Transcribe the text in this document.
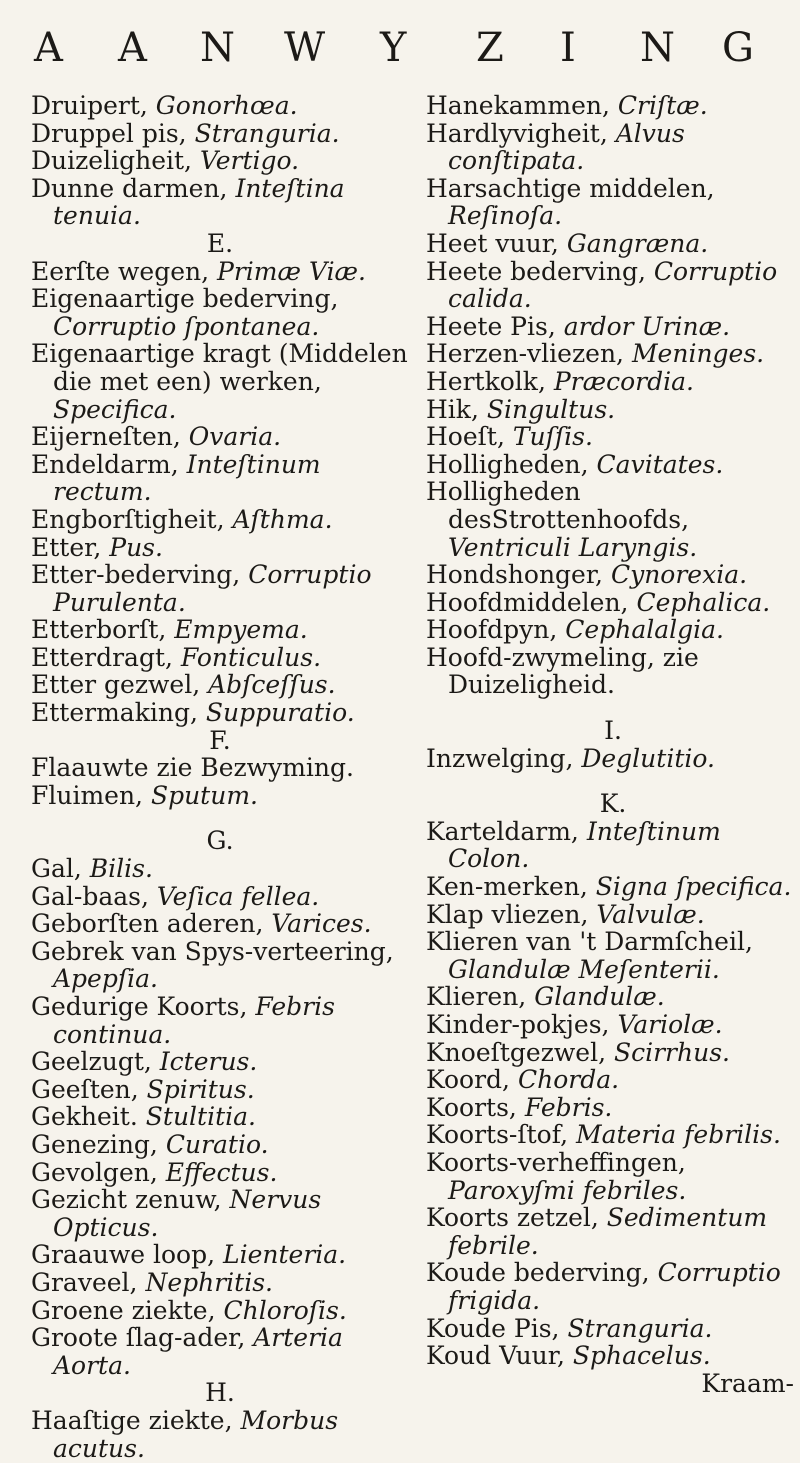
A A N W Y Z I N G

Druipert, Gonorhœa.

Druppel pis, Stranguria.

Duizeligheit, Vertigo.

Dunne darmen, Inteſtina tenuia.

E.

Eerſte wegen, Primæ Viæ.

Eigenaartige bederving, Corruptio ſpontanea.

Eigenaartige kragt (Middelen die met een) werken, Specifica.

Eijerneſten, Ovaria.

Endeldarm, Inteſtinum rectum.

Engborſtigheit, Aſthma.

Etter, Pus.

Etter-bederving, Corruptio Purulenta.

Etterborſt, Empyema.

Etterdragt, Fonticulus.

Etter gezwel, Abſceſſus.

Ettermaking, Suppuratio.

F.

Flaauwte zie Bezwyming.

Fluimen, Sputum.

G.

Gal, Bilis.

Gal-baas, Veſica fellea.

Geborſten aderen, Varices.

Gebrek van Spys-verteering, Apepſia.

Gedurige Koorts, Febris continua.

Geelzugt, Icterus.

Geeſten, Spiritus.

Gekheit. Stultitia.

Genezing, Curatio.

Gevolgen, Effectus.

Gezicht zenuw, Nervus Opticus.

Graauwe loop, Lienteria.

Graveel, Nephritis.

Groene ziekte, Chloroſis.

Groote ſlag-ader, Arteria Aorta.

H.

Haaſtige ziekte, Morbus acutus.

Hanekammen, Criſtæ.

Hardlyvigheit, Alvus conſtipata.

Harsachtige middelen, Reſinoſa.

Heet vuur, Gangræna.

Heete bederving, Corruptio calida.

Heete Pis, ardor Urinæ.

Herzen-vliezen, Meninges.

Hertkolk, Præcordia.

Hik, Singultus.

Hoeſt, Tuſſis.

Holligheden, Cavitates.

Holligheden desStrottenhoofds, Ventriculi Laryngis.

Hondshonger, Cynorexia.

Hoofdmiddelen, Cephalica.

Hoofdpyn, Cephalalgia.

Hoofd-zwymeling, zie Duizeligheid.

I.

Inzwelging, Deglutitio.

K.

Karteldarm, Inteſtinum Colon.

Ken-merken, Signa ſpecifica.

Klap vliezen, Valvulæ.

Klieren van 't Darmſcheil, Glandulæ Meſenterii.

Klieren, Glandulæ.

Kinder-pokjes, Variolæ.

Knoeſtgezwel, Scirrhus.

Koord, Chorda.

Koorts, Febris.

Koorts-ſtof, Materia febrilis.

Koorts-verheffingen, Paroxyſmi febriles.

Koorts zetzel, Sedimentum febrile.

Koude bederving, Corruptio frigida.

Koude Pis, Stranguria.

Koud Vuur, Sphacelus.

Kraam-
